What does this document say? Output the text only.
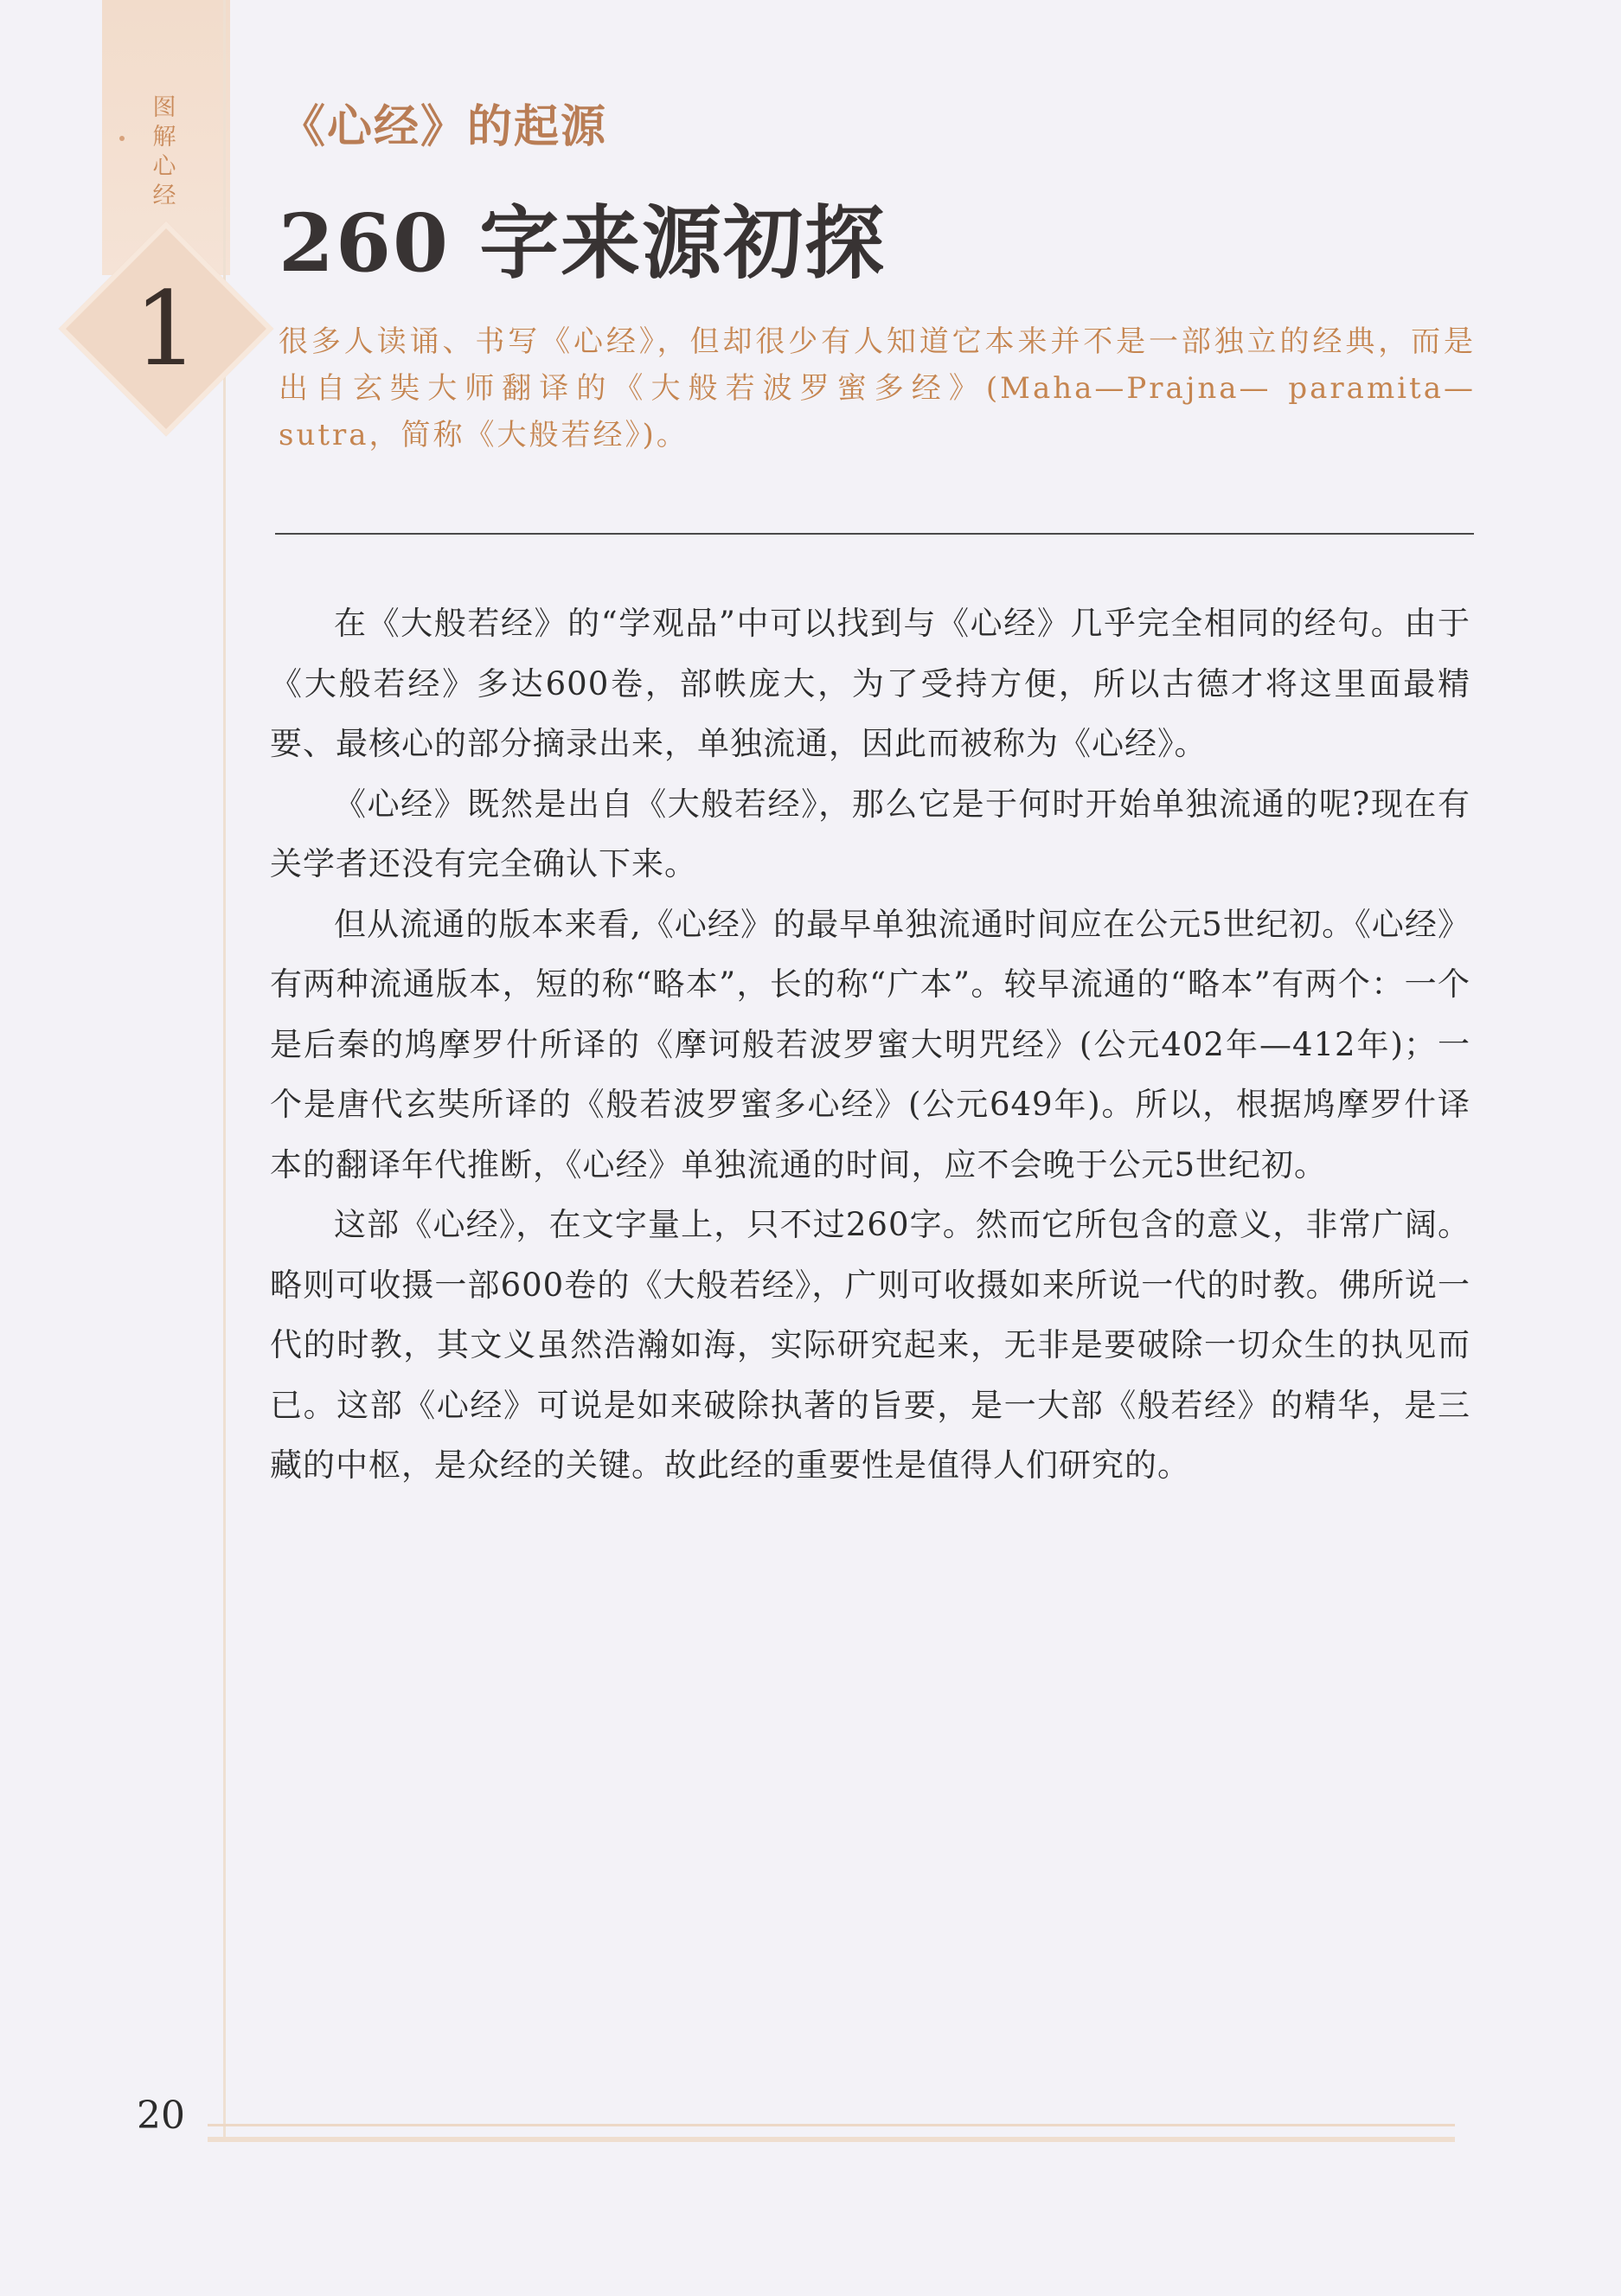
图解心经
1
《心经》的起源
260 字来源初探
很多人读诵、书写《心经》，但却很少有人知道它本来并不是一部独立的经典，而是出自玄奘大师翻译的《大般若波罗蜜多经》(Maha—Prajna— paramita—sutra，简称《大般若经》)。

在《大般若经》的“学观品”中可以找到与《心经》几乎完全相同的经句。由于《大般若经》多达600卷，部帙庞大，为了受持方便，所以古德才将这里面最精要、最核心的部分摘录出来，单独流通，因此而被称为《心经》。

《心经》既然是出自《大般若经》，那么它是于何时开始单独流通的呢?现在有关学者还没有完全确认下来。

但从流通的版本来看,《心经》的最早单独流通时间应在公元5世纪初。《心经》有两种流通版本，短的称“略本”，长的称“广本”。较早流通的“略本”有两个：一个是后秦的鸠摩罗什所译的《摩诃般若波罗蜜大明咒经》(公元402年—412年)；一个是唐代玄奘所译的《般若波罗蜜多心经》(公元649年)。所以，根据鸠摩罗什译本的翻译年代推断，《心经》单独流通的时间，应不会晚于公元5世纪初。

这部《心经》，在文字量上，只不过260字。然而它所包含的意义，非常广阔。略则可收摄一部600卷的《大般若经》，广则可收摄如来所说一代的时教。佛所说一代的时教，其文义虽然浩瀚如海，实际研究起来，无非是要破除一切众生的执见而已。这部《心经》可说是如来破除执著的旨要，是一大部《般若经》的精华，是三藏的中枢，是众经的关键。故此经的重要性是值得人们研究的。

20
